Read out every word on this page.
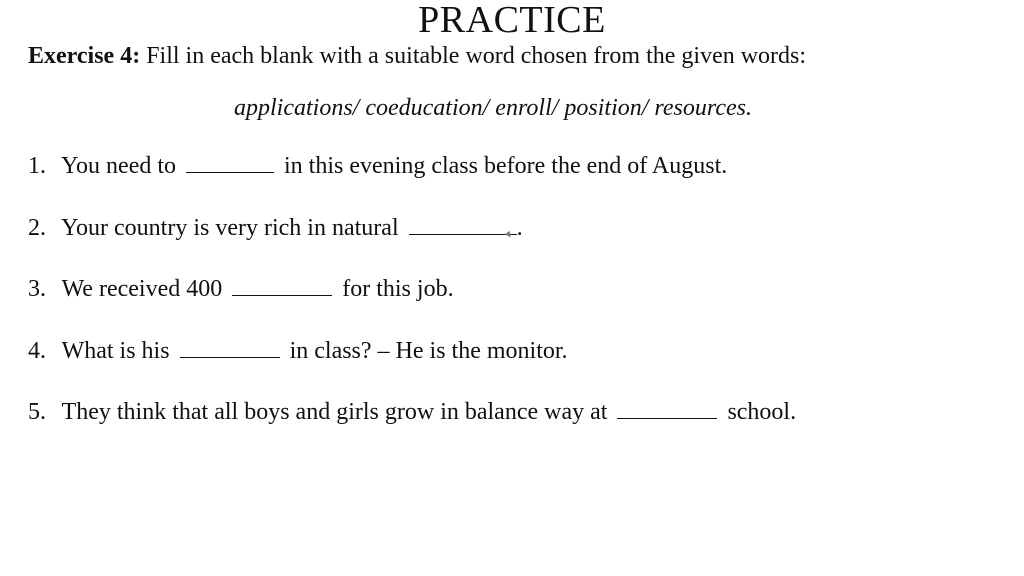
PRACTICE
Exercise 4: Fill in each blank with a suitable word chosen from the given words:
applications/ coeducation/ enroll/ position/ resources.
1. You need to	in this evening class before the end of August.
2. Your country is very rich in natural	.
3. We received 400	for this job.
4. What is his	in class? – He is the monitor.
5. They think that all boys and girls grow in balance way at	school.
